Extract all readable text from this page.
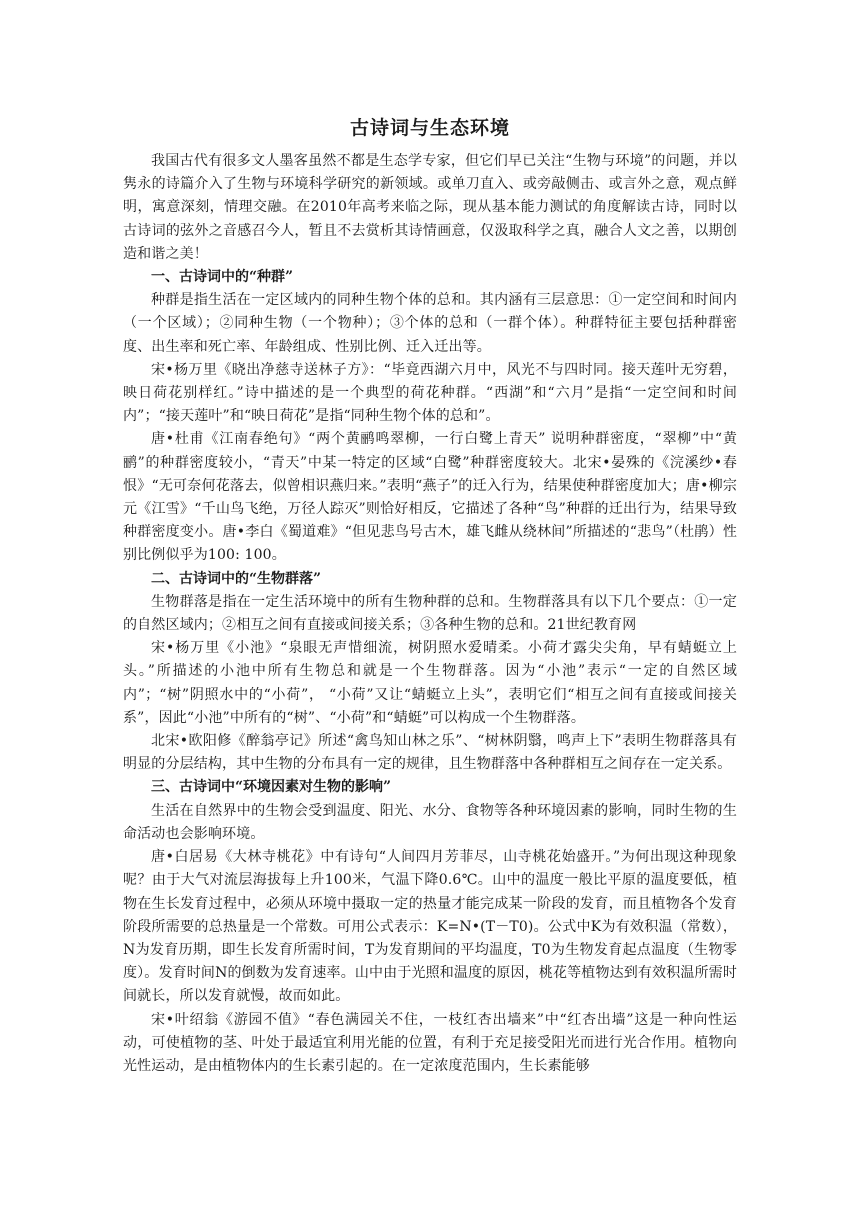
古诗词与生态环境
我国古代有很多文人墨客虽然不都是生态学专家，但它们早已关注“生物与环境”的问题，并以隽永的诗篇介入了生物与环境科学研究的新领域。或单刀直入、或旁敲侧击、或言外之意，观点鲜明，寓意深刻，情理交融。在2010年高考来临之际，现从基本能力测试的角度解读古诗，同时以古诗词的弦外之音感召今人，暂且不去赏析其诗情画意，仅汲取科学之真，融合人文之善，以期创造和谐之美！
一、古诗词中的“种群”
种群是指生活在一定区域内的同种生物个体的总和。其内涵有三层意思：①一定空间和时间内（一个区域）；②同种生物（一个物种）；③个体的总和（一群个体）。种群特征主要包括种群密度、出生率和死亡率、年龄组成、性别比例、迁入迁出等。
宋•杨万里《晓出净慈寺送林子方》：“毕竟西湖六月中，风光不与四时同。接天莲叶无穷碧，映日荷花别样红。”诗中描述的是一个典型的荷花种群。“西湖”和“六月”是指“一定空间和时间内”；“接天莲叶”和“映日荷花”是指“同种生物个体的总和”。
唐•杜甫《江南春绝句》“两个黄鹂鸣翠柳，一行白鹭上青天” 说明种群密度，“翠柳”中“黄鹂”的种群密度较小，“青天”中某一特定的区域“白鹭”种群密度较大。北宋•晏殊的《浣溪纱•春恨》“无可奈何花落去，似曾相识燕归来。”表明“燕子”的迁入行为，结果使种群密度加大；唐•柳宗元《江雪》“千山鸟飞绝，万径人踪灭”则恰好相反，它描述了各种“鸟”种群的迁出行为，结果导致种群密度变小。唐•李白《蜀道难》“但见悲鸟号古木，雄飞雌从绕林间”所描述的“悲鸟”（杜鹃）性别比例似乎为100: 100。
二、古诗词中的“生物群落”
生物群落是指在一定生活环境中的所有生物种群的总和。生物群落具有以下几个要点：①一定的自然区域内；②相互之间有直接或间接关系；③各种生物的总和。21世纪教育网
宋•杨万里《小池》“泉眼无声惜细流，树阴照水爱晴柔。小荷才露尖尖角，早有蜻蜓立上头。”所描述的小池中所有生物总和就是一个生物群落。因为“小池”表示“一定的自然区域内”；“树”阴照水中的“小荷”， “小荷”又让“蜻蜓立上头”，表明它们“相互之间有直接或间接关系”，因此“小池”中所有的“树”、“小荷”和“蜻蜓”可以构成一个生物群落。
北宋•欧阳修《醉翁亭记》所述“禽鸟知山林之乐”、“树林阴翳，鸣声上下”表明生物群落具有明显的分层结构，其中生物的分布具有一定的规律，且生物群落中各种群相互之间存在一定关系。
三、古诗词中“环境因素对生物的影响”
生活在自然界中的生物会受到温度、阳光、水分、食物等各种环境因素的影响，同时生物的生命活动也会影响环境。
唐•白居易《大林寺桃花》中有诗句“人间四月芳菲尽，山寺桃花始盛开。”为何出现这种现象呢？由于大气对流层海拔每上升100米，气温下降0.6℃。山中的温度一般比平原的温度要低，植物在生长发育过程中，必须从环境中摄取一定的热量才能完成某一阶段的发育，而且植物各个发育阶段所需要的总热量是一个常数。可用公式表示：K=N•(T－T0)。公式中K为有效积温（常数），N为发育历期，即生长发育所需时间，T为发育期间的平均温度，T0为生物发育起点温度（生物零度）。发育时间N的倒数为发育速率。山中由于光照和温度的原因，桃花等植物达到有效积温所需时间就长，所以发育就慢，故而如此。
宋•叶绍翁《游园不值》“春色满园关不住，一枝红杏出墙来”中“红杏出墙”这是一种向性运动，可使植物的茎、叶处于最适宜利用光能的位置，有利于充足接受阳光而进行光合作用。植物向光性运动，是由植物体内的生长素引起的。在一定浓度范围内，生长素能够
